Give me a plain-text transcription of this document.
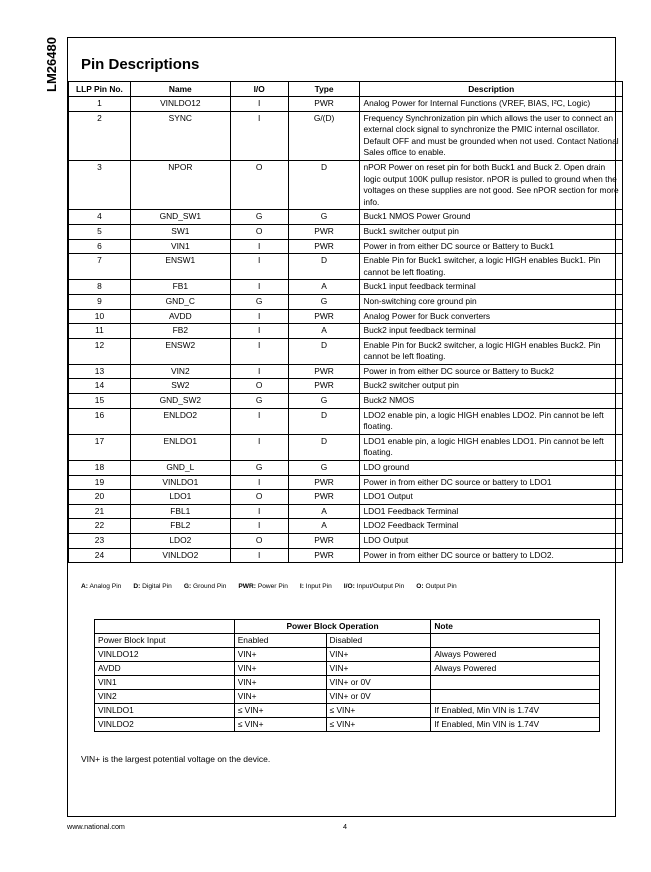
LM26480 Pin Descriptions
LLP Pin No.	Name	I/O	Type	Description
1	VINLDO12	I	PWR	Analog Power for Internal Functions (VREF, BIAS, I²C, Logic)
2	SYNC	I	G/(D)	Frequency Synchronization pin which allows the user to connect an external clock signal to synchronize the PMIC internal oscillator. Default OFF and must be grounded when not used. Contact National Sales office to enable.
3	NPOR	O	D	nPOR Power on reset pin for both Buck1 and Buck 2. Open drain logic output 100K pullup resistor. nPOR is pulled to ground when the voltages on these supplies are not good. See nPOR section for more info.
4	GND_SW1	G	G	Buck1 NMOS Power Ground
5	SW1	O	PWR	Buck1 switcher output pin
6	VIN1	I	PWR	Power in from either DC source or Battery to Buck1
7	ENSW1	I	D	Enable Pin for Buck1 switcher, a logic HIGH enables Buck1. Pin cannot be left floating.
8	FB1	I	A	Buck1 input feedback terminal
9	GND_C	G	G	Non-switching core ground pin
10	AVDD	I	PWR	Analog Power for Buck converters
11	FB2	I	A	Buck2 input feedback terminal
12	ENSW2	I	D	Enable Pin for Buck2 switcher, a logic HIGH enables Buck2. Pin cannot be left floating.
13	VIN2	I	PWR	Power in from either DC source or Battery to Buck2
14	SW2	O	PWR	Buck2 switcher output pin
15	GND_SW2	G	G	Buck2 NMOS
16	ENLDO2	I	D	LDO2 enable pin, a logic HIGH enables LDO2. Pin cannot be left floating.
17	ENLDO1	I	D	LDO1 enable pin, a logic HIGH enables LDO1. Pin cannot be left floating.
18	GND_L	G	G	LDO ground
19	VINLDO1	I	PWR	Power in from either DC source or battery to LDO1
20	LDO1	O	PWR	LDO1 Output
21	FBL1	I	A	LDO1 Feedback Terminal
22	FBL2	I	A	LDO2 Feedback Terminal
23	LDO2	O	PWR	LDO Output
24	VINLDO2	I	PWR	Power in from either DC source or battery to LDO2.
A: Analog Pin D: Digital Pin G: Ground Pin PWR: Power Pin I: Input Pin I/O: Input/Output Pin O: Output Pin
	Power Block Operation		Note
Power Block Input	Enabled	Disabled	
VINLDO12	VIN+	VIN+	Always Powered
AVDD	VIN+	VIN+	Always Powered
VIN1	VIN+	VIN+ or 0V	
VIN2	VIN+	VIN+ or 0V	
VINLDO1	≤ VIN+	≤ VIN+	If Enabled, Min VIN is 1.74V
VINLDO2	≤ VIN+	≤ VIN+	If Enabled, Min VIN is 1.74V

VIN+ is the largest potential voltage on the device.

www.national.com	4
